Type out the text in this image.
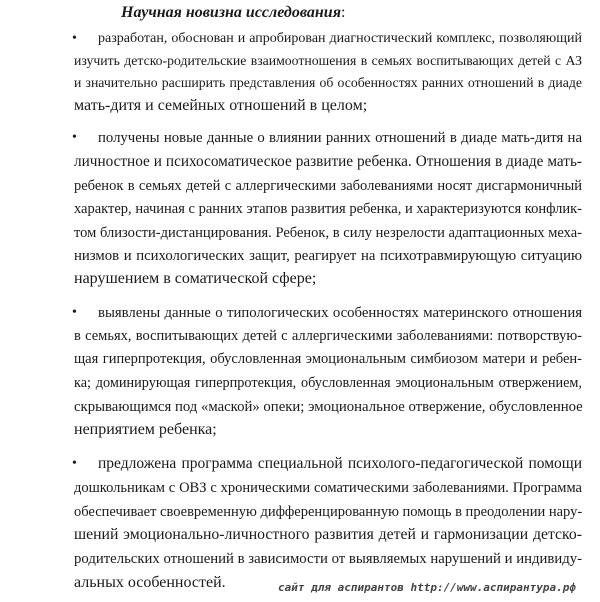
Научная новизна исследования:
• разработан, обоснован и апробирован диагностический комплекс, позволяющий
изучить детско-родительские взаимоотношения в семьях воспитывающих детей с АЗ
и значительно расширить представления об особенностях ранних отношений в диаде
мать-дитя и семейных отношений в целом;
• получены новые данные о влиянии ранних отношений в диаде мать-дитя на
личностное и психосоматическое развитие ребенка. Отношения в диаде мать-
ребенок в семьях детей с аллергическими заболеваниями носят дисгармоничный
характер, начиная с ранних этапов развития ребенка, и характеризуются конфлик-
том близости-дистанцирования. Ребенок, в силу незрелости адаптационных меха-
низмов и психологических защит, реагирует на психотравмирующую ситуацию
нарушением в соматической сфере;
• выявлены данные о типологических особенностях материнского отношения
в семьях, воспитывающих детей с аллергическими заболеваниями: потворствую-
щая гиперпротекция, обусловленная эмоциональным симбиозом матери и ребен-
ка; доминирующая гиперпротекция, обусловленная эмоциональным отвержением,
скрывающимся под «маской» опеки; эмоциональное отвержение, обусловленное
неприятием ребенка;
• предложена программа специальной психолого-педагогической помощи
дошкольникам с ОВЗ с хроническими соматическими заболеваниями. Программа
обеспечивает своевременную дифференцированную помощь в преодолении нару-
шений эмоционально-личностного развития детей и гармонизации детско-
родительских отношений в зависимости от выявляемых нарушений и индивиду-
альных особенностей.	сайт для аспирантов http://www.аспирантура.рф
